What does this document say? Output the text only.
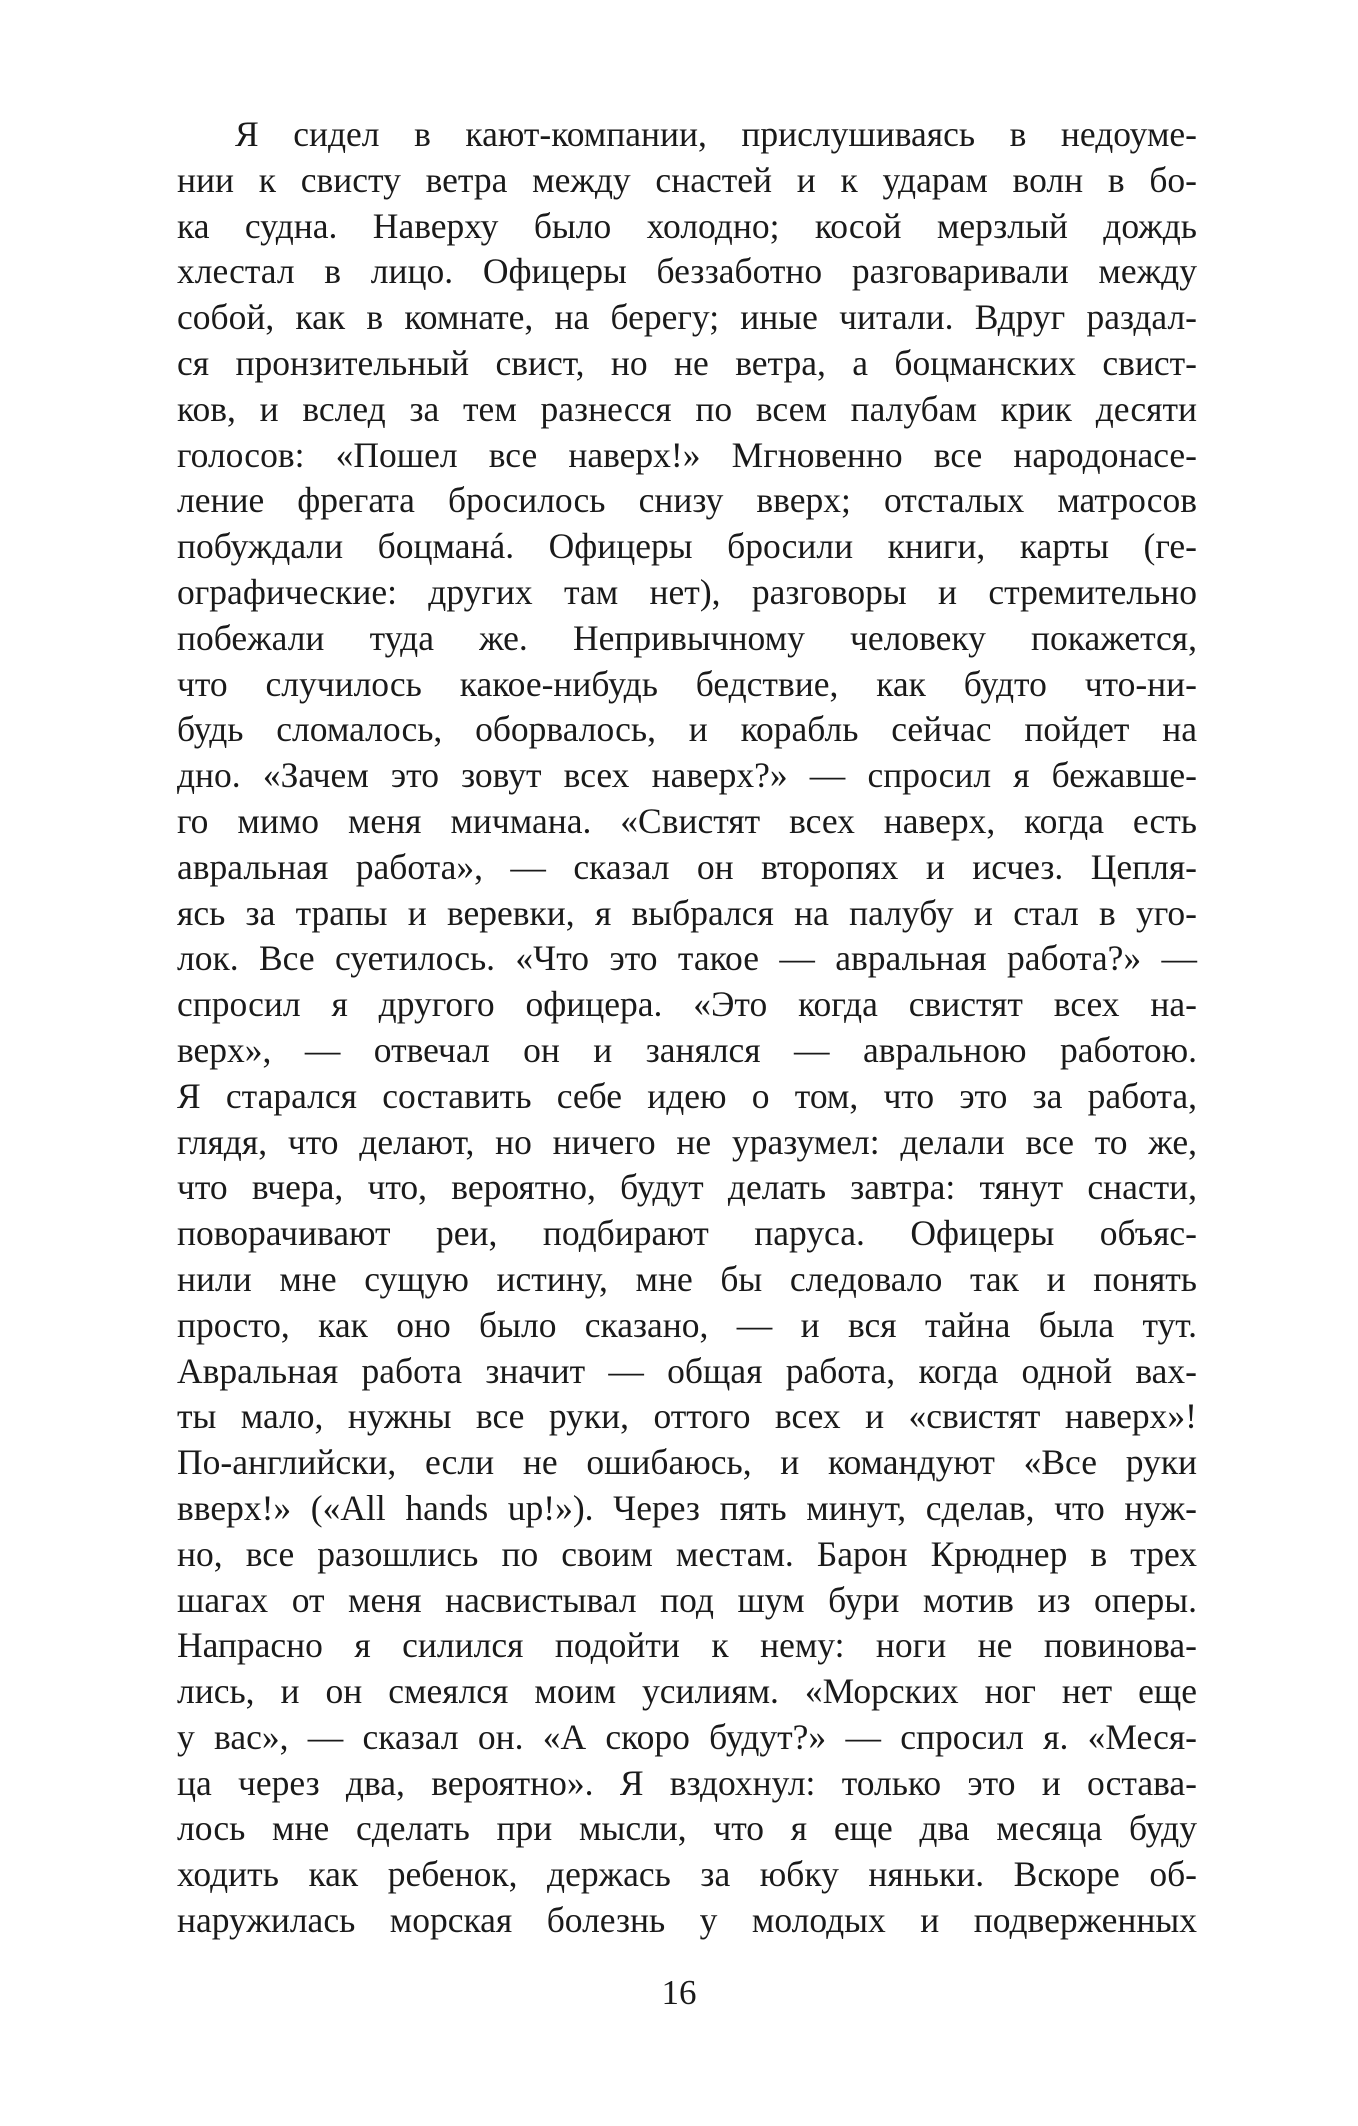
Я сидел в кают-компании, прислушиваясь в недоуме-
нии к свисту ветра между снастей и к ударам волн в бо-
ка судна. Наверху было холодно; косой мерзлый дождь
хлестал в лицо. Офицеры беззаботно разговаривали между
собой, как в комнате, на берегу; иные читали. Вдруг раздал-
ся пронзительный свист, но не ветра, а боцманских свист-
ков, и вслед за тем разнесся по всем палубам крик десяти
голосов: «Пошел все наверх!» Мгновенно все народонасе-
ление фрегата бросилось снизу вверх; отсталых матросов
побуждали боцманá. Офицеры бросили книги, карты (ге-
ографические: других там нет), разговоры и стремительно
побежали туда же. Непривычному человеку покажется,
что случилось какое-нибудь бедствие, как будто что-ни-
будь сломалось, оборвалось, и корабль сейчас пойдет на
дно. «Зачем это зовут всех наверх?» — спросил я бежавше-
го мимо меня мичмана. «Свистят всех наверх, когда есть
авральная работа», — сказал он второпях и исчез. Цепля-
ясь за трапы и веревки, я выбрался на палубу и стал в уго-
лок. Все суетилось. «Что это такое — авральная работа?» —
спросил я другого офицера. «Это когда свистят всех на-
верх», — отвечал он и занялся — авральною работою.
Я старался составить себе идею о том, что это за работа,
глядя, что делают, но ничего не уразумел: делали все то же,
что вчера, что, вероятно, будут делать завтра: тянут снасти,
поворачивают реи, подбирают паруса. Офицеры объяс-
нили мне сущую истину, мне бы следовало так и понять
просто, как оно было сказано, — и вся тайна была тут.
Авральная работа значит — общая работа, когда одной вах-
ты мало, нужны все руки, оттого всех и «свистят наверх»!
По-английски, если не ошибаюсь, и командуют «Все руки
вверх!» («All hands up!»). Через пять минут, сделав, что нуж-
но, все разошлись по своим местам. Барон Крюднер в трех
шагах от меня насвистывал под шум бури мотив из оперы.
Напрасно я силился подойти к нему: ноги не повинова-
лись, и он смеялся моим усилиям. «Морских ног нет еще
у вас», — сказал он. «А скоро будут?» — спросил я. «Меся-
ца через два, вероятно». Я вздохнул: только это и остава-
лось мне сделать при мысли, что я еще два месяца буду
ходить как ребенок, держась за юбку няньки. Вскоре об-
наружилась морская болезнь у молодых и подверженных
16
